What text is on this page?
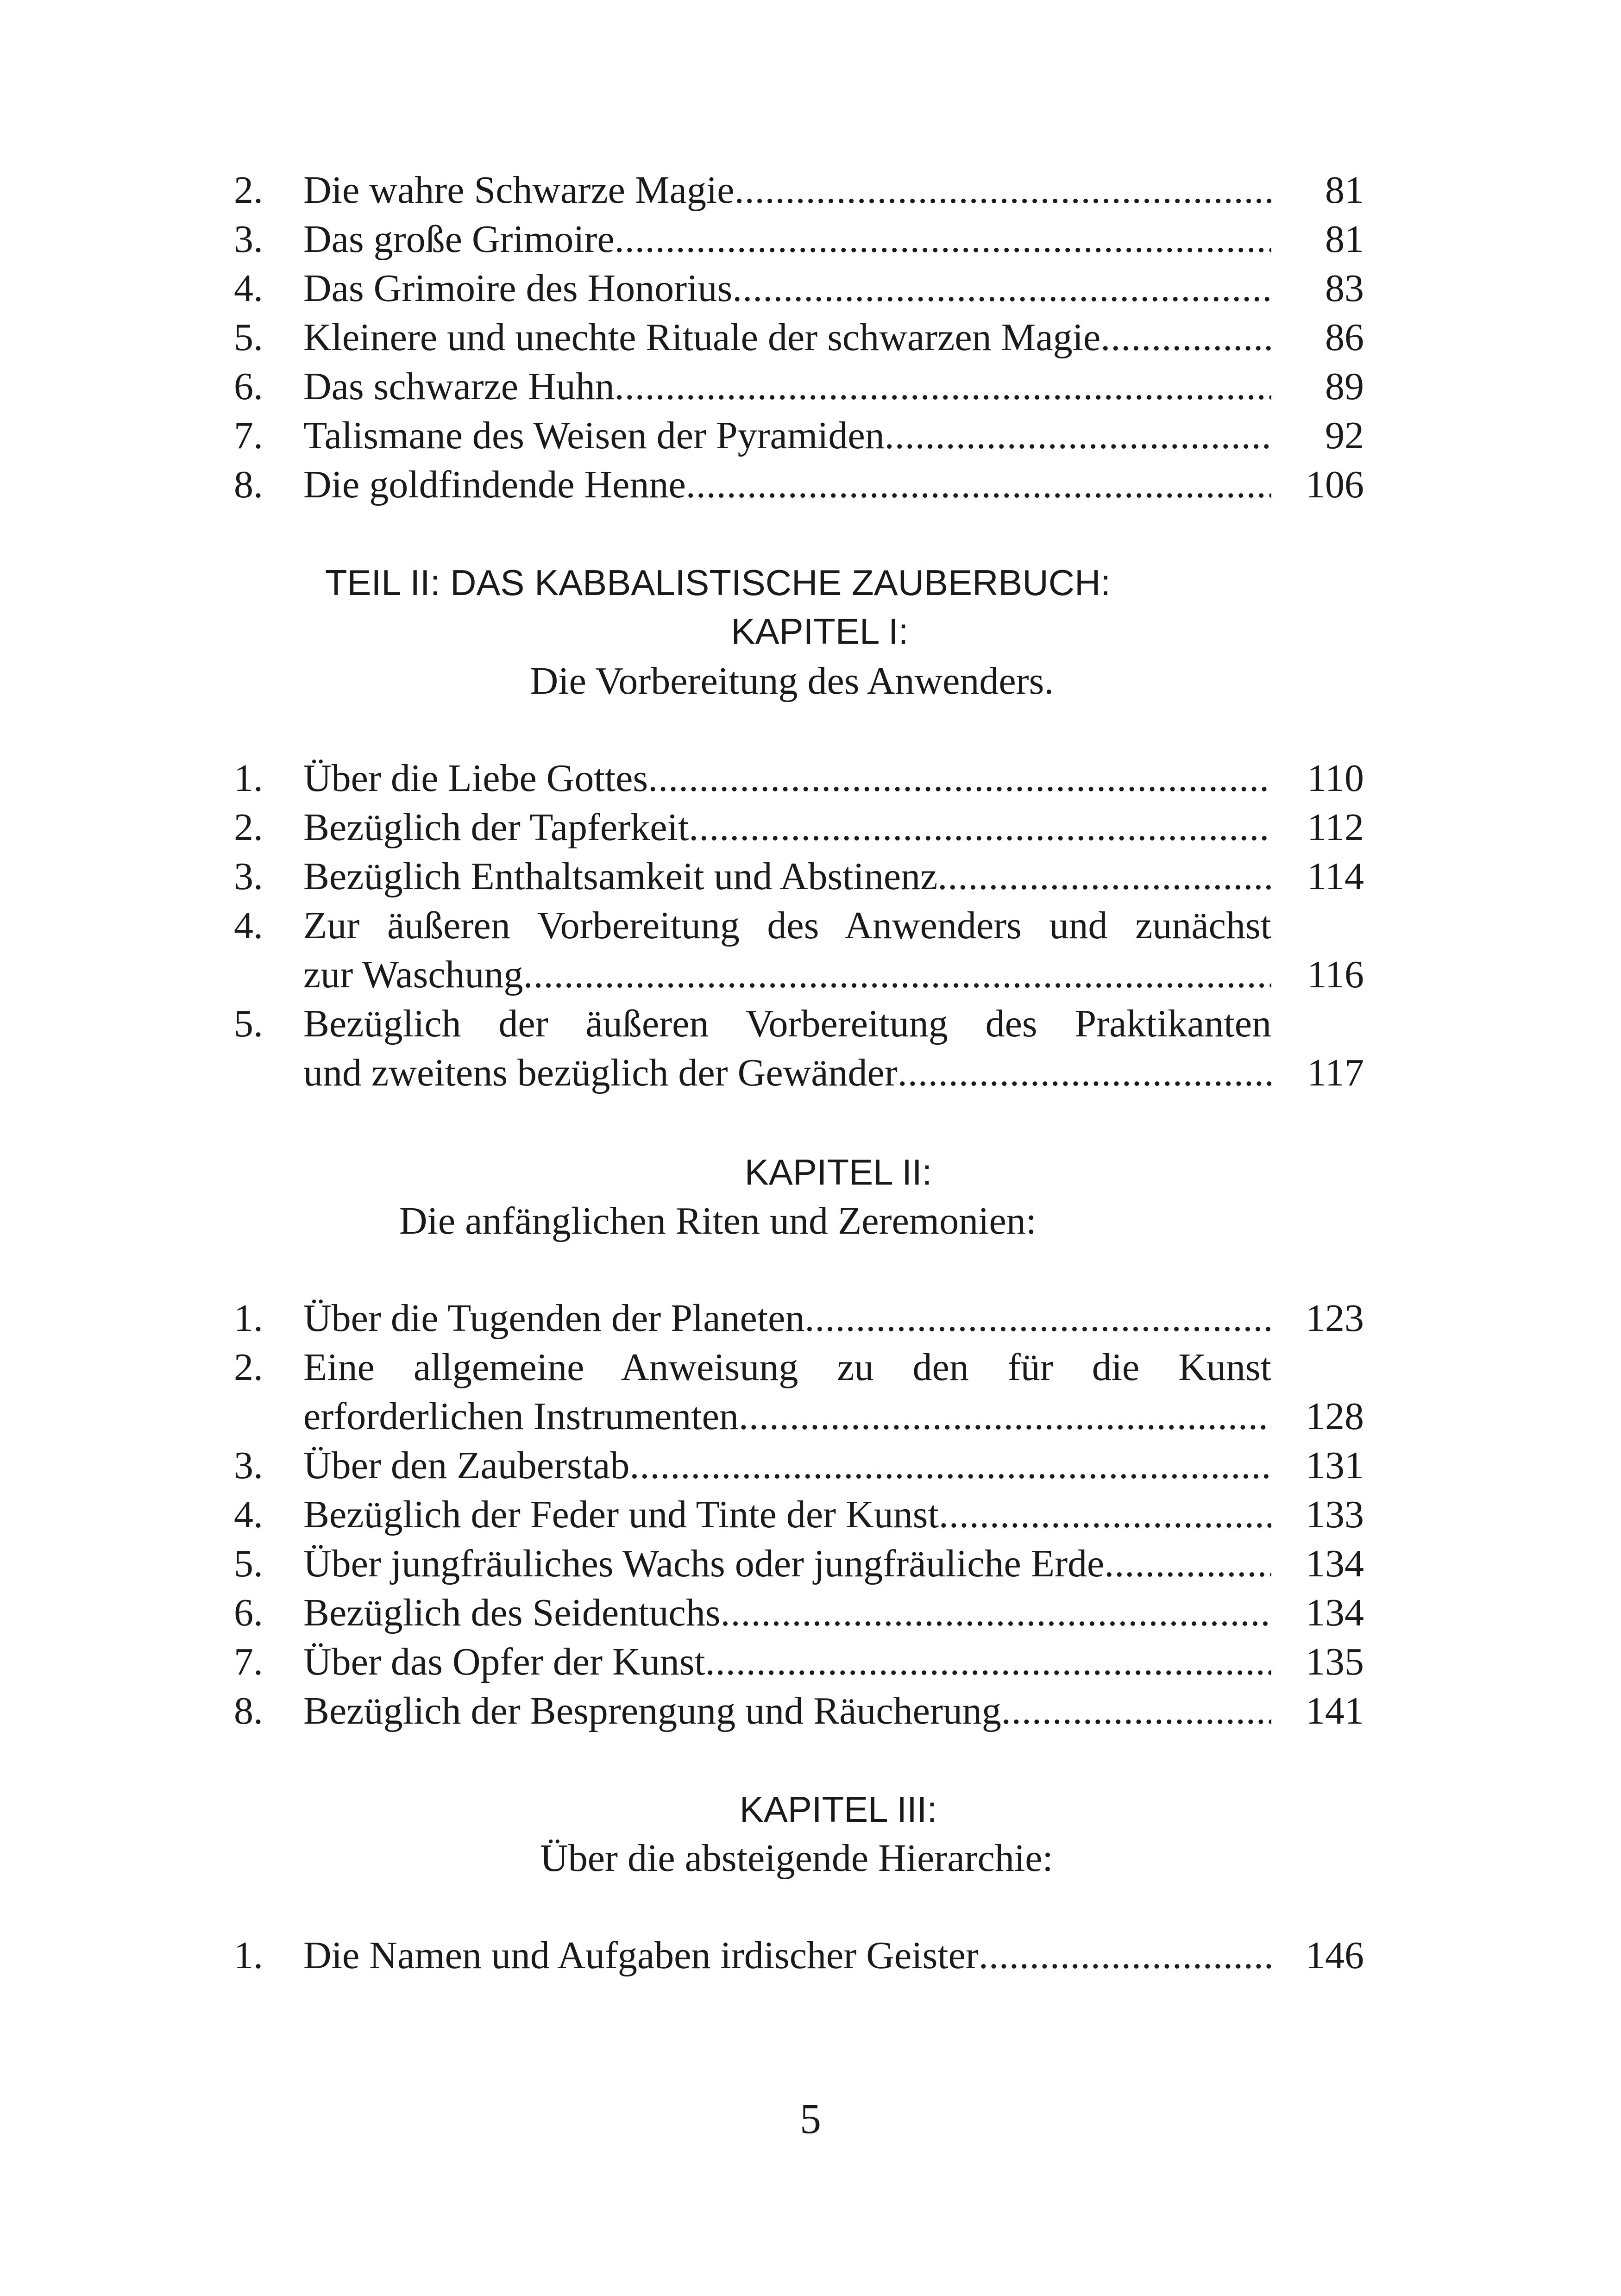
2.	Die wahre Schwarze Magie .....	81
3.	Das große Grimoire .....	81
4.	Das Grimoire des Honorius .....	83
5.	Kleinere und unechte Rituale der schwarzen Magie .....	86
6.	Das schwarze Huhn .....	89
7.	Talismane des Weisen der Pyramiden .....	92
8.	Die goldfindende Henne .....	106
TEIL II: DAS KABBALISTISCHE ZAUBERBUCH:
KAPITEL I:
Die Vorbereitung des Anwenders.
1.	Über die Liebe Gottes .....	110
2.	Bezüglich der Tapferkeit .....	112
3.	Bezüglich Enthaltsamkeit und Abstinenz .....	114
4.	Zur äußeren Vorbereitung des Anwenders und zunächst
zur Waschung .....	116
5.	Bezüglich der äußeren Vorbereitung des Praktikanten
und zweitens bezüglich der Gewänder .....	117
KAPITEL II:
Die anfänglichen Riten und Zeremonien:
1.	Über die Tugenden der Planeten .....	123
2.	Eine allgemeine Anweisung zu den für die Kunst
erforderlichen Instrumenten .....	128
3.	Über den Zauberstab .....	131
4.	Bezüglich der Feder und Tinte der Kunst .....	133
5.	Über jungfräuliches Wachs oder jungfräuliche Erde .....	134
6.	Bezüglich des Seidentuchs .....	134
7.	Über das Opfer der Kunst .....	135
8.	Bezüglich der Besprengung und Räucherung .....	141
KAPITEL III:
Über die absteigende Hierarchie:
1.	Die Namen und Aufgaben irdischer Geister .....	146
5
